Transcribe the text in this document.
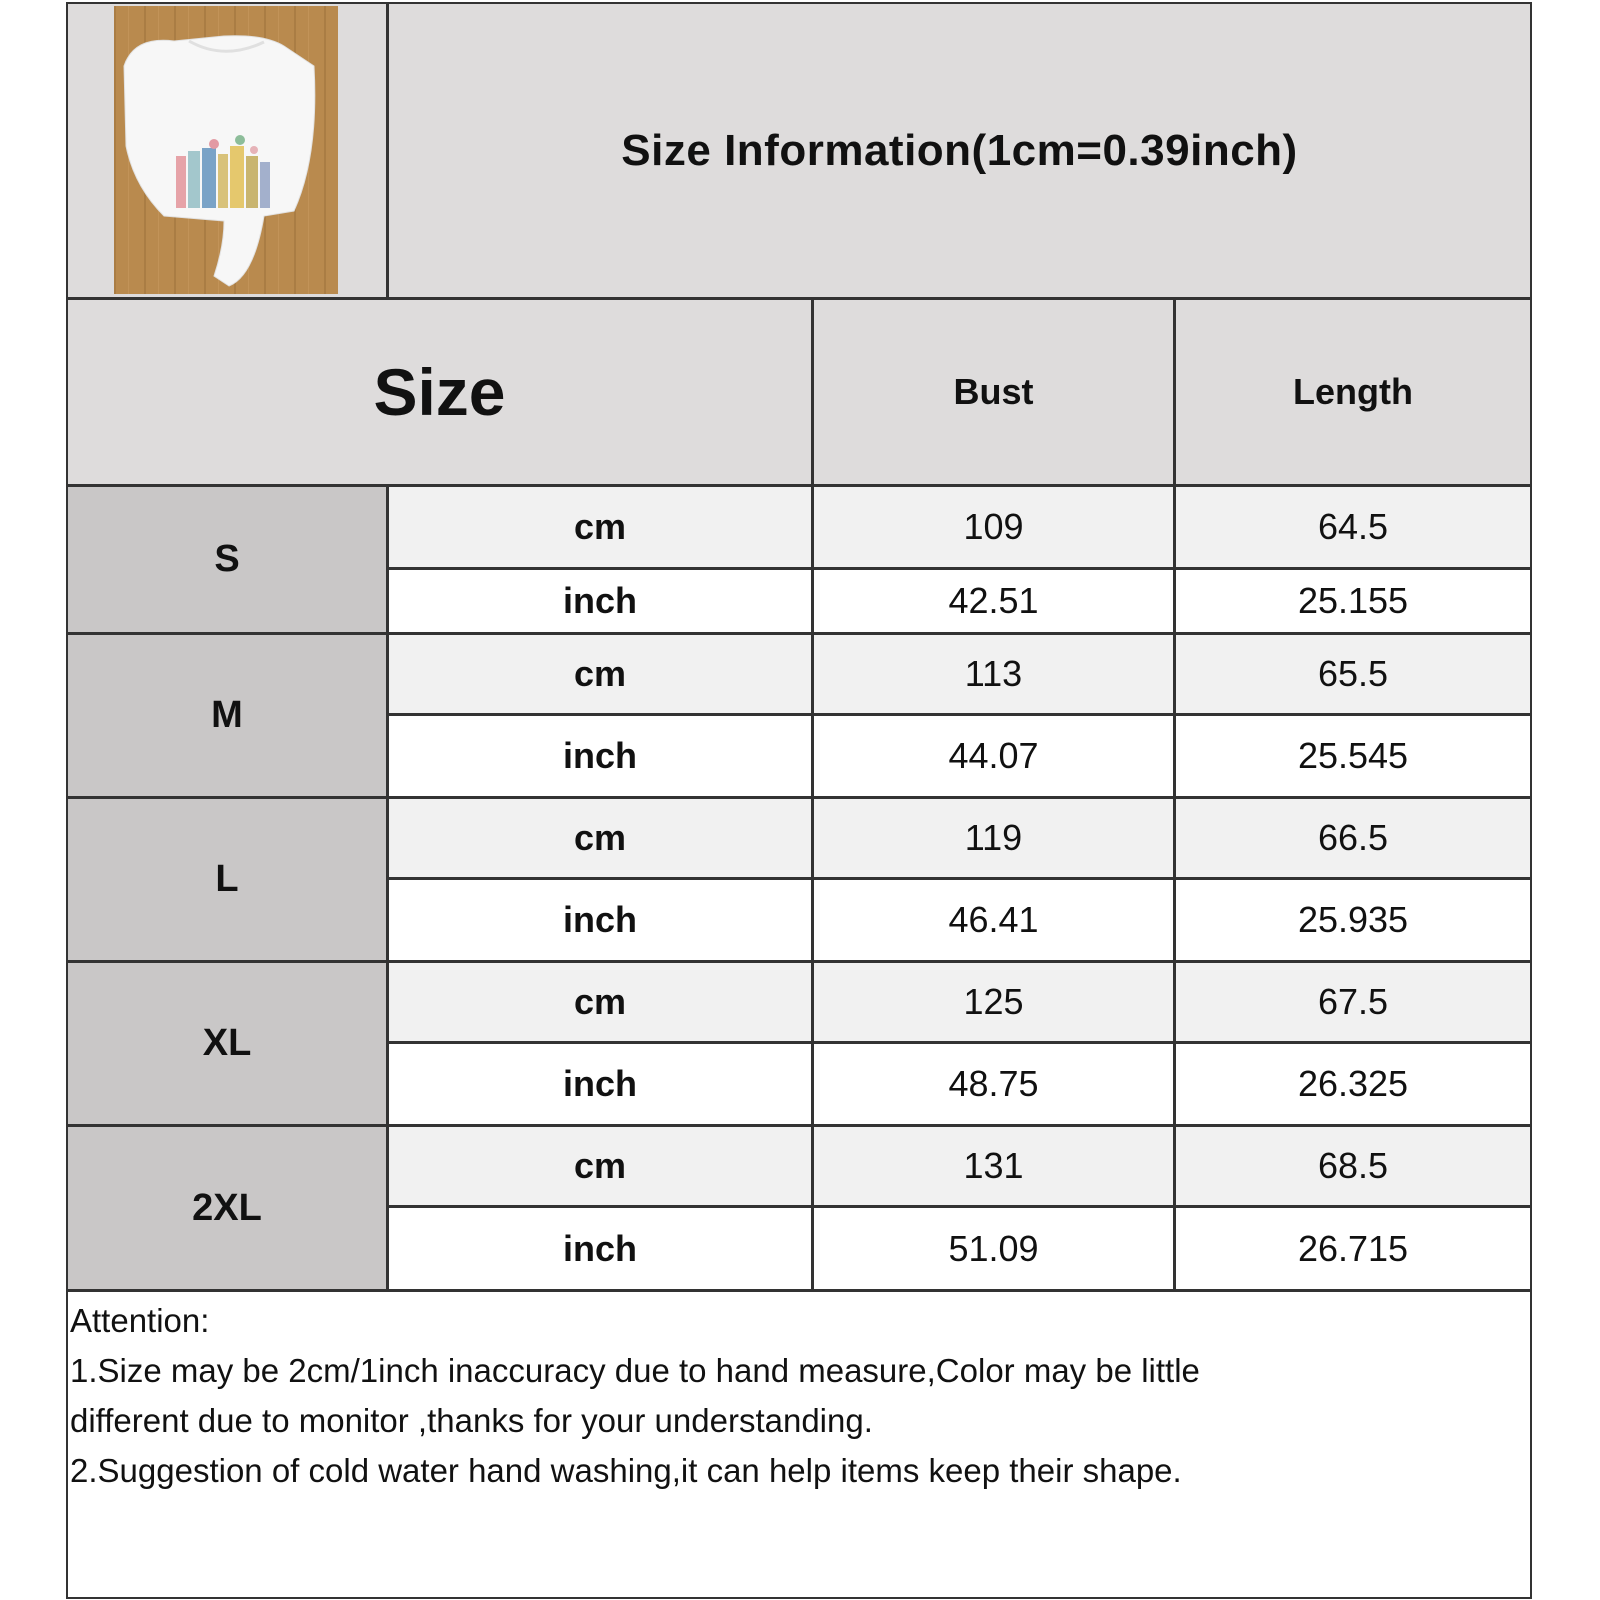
Size Information(1cm=0.39inch)
Size	Bust	Length
S
cm	109	64.5
inch	42.51	25.155
M
cm	113	65.5
inch	44.07	25.545
L
cm	119	66.5
inch	46.41	25.935
XL
cm	125	67.5
inch	48.75	26.325
2XL
cm	131	68.5
inch	51.09	26.715
Attention:
1.Size may be 2cm/1inch inaccuracy due to hand measure,Color may be little
different due to monitor ,thanks for your understanding.
2.Suggestion of cold water hand washing,it can help items keep their shape.
